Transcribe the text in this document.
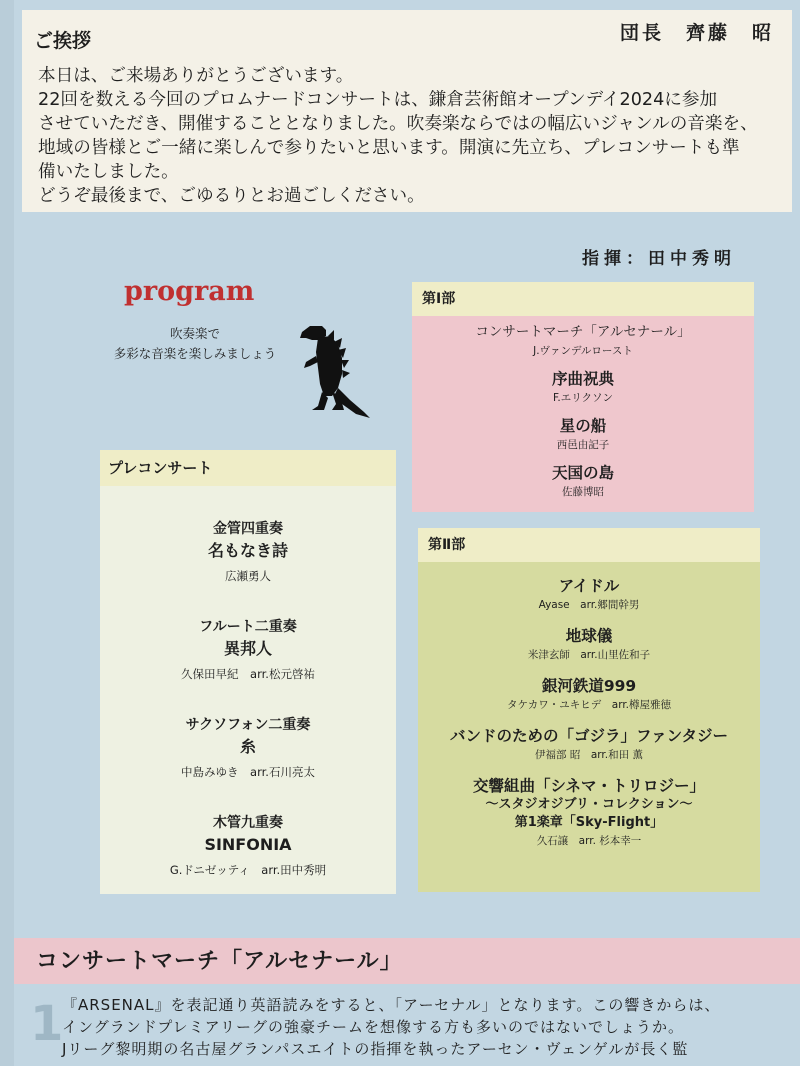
ご挨拶	団長　齊藤　昭

本日は、ご来場ありがとうございます。

22回を数える今回のプロムナードコンサートは、鎌倉芸術館オープンデイ2024に参加

させていただき、開催することとなりました。吹奏楽ならではの幅広いジャンルの音楽を、

地域の皆様とご一緒に楽しんで参りたいと思います。開演に先立ち、プレコンサートも準

備いたしました。

どうぞ最後まで、ごゆるりとお過ごしください。

指揮：田中秀明
program
吹奏楽で
多彩な音楽を楽しみましょう
第Ⅰ部
コンサートマーチ「アルセナール」
J.ヴァンデルロースト
序曲祝典
F.エリクソン
星の船
西邑由記子
天国の島
佐藤博昭
プレコンサート
金管四重奏
名もなき詩
広瀬勇人
フルート二重奏
異邦人
久保田早紀　arr.松元啓祐
サクソフォン二重奏
糸
中島みゆき　arr.石川亮太
木管九重奏
SINFONIA
G.ドニゼッティ　arr.田中秀明
第Ⅱ部
アイドル
Ayase　arr.郷間幹男
地球儀
米津玄師　arr.山里佐和子
銀河鉄道999
タケカワ・ユキヒデ　arr.樽屋雅徳
バンドのための「ゴジラ」ファンタジー
伊福部 昭　arr.和田 薫
交響組曲「シネマ・トリロジー」
〜スタジオジブリ・コレクション〜
第1楽章「Sky-Flight」
久石譲　arr. 杉本幸一
コンサートマーチ「アルセナール」
1

『ARSENAL』を表記通り英語読みをすると、「アーセナル」となります。この響きからは、

イングランドプレミアリーグの強豪チームを想像する方も多いのではないでしょうか。

Jリーグ黎明期の名古屋グランパスエイトの指揮を執ったアーセン・ヴェンゲルが長く監
